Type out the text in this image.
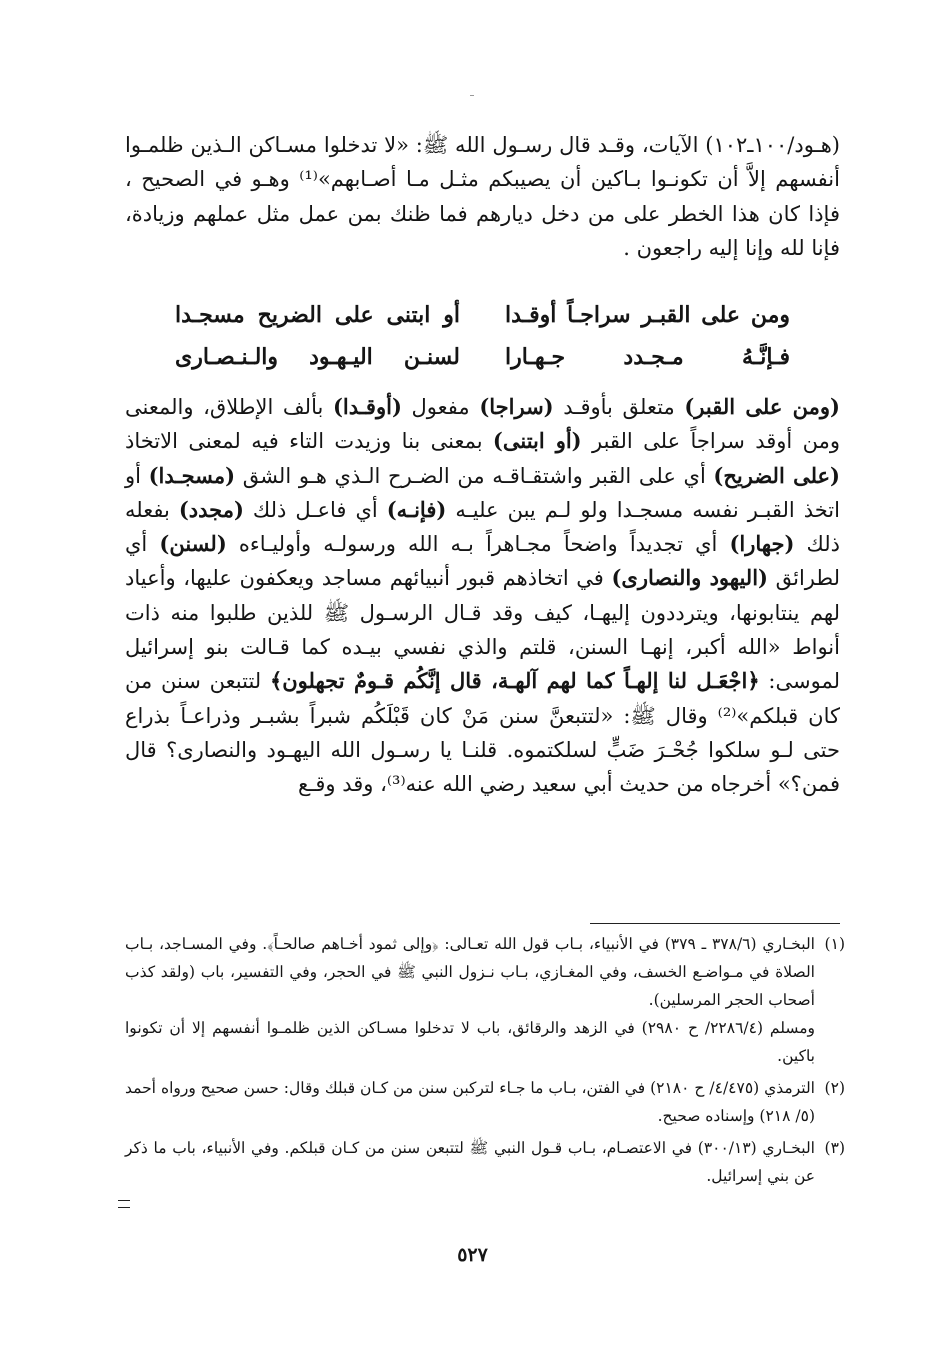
(هـود/١٠٠ـ١٠٢) الآيات، وقـد قال رسـول الله ﷺ: «لا تدخلوا مسـاكن الـذين ظلمـوا أنفسهم إلاَّ أن تكونـوا بـاكين أن يصيبكم مثـل مـا أصـابهم»⁽¹⁾ وهـو في الصحيح ، فإذا كان هذا الخطر على من دخل ديارهم فما ظنك بمن عمل مثل عملهم وزيادة، فإنا لله وإنا إليه راجعون .

ومن على القبـر سراجـاً أوقـدا
أو ابتنى على الضريح مسجـدا
فـإنَّـهُ مـجـدد جـهـارا
لسنـن اليـهـود والـنـصـارى

(ومن على القبر) متعلق بأوقـد (سراجا) مفعول (أوقـدا) بألف الإطلاق، والمعنى ومن أوقد سراجاً على القبر (أو ابتنى) بمعنى بنا وزيدت التاء فيه لمعنى الاتخاذ (على الضريح) أي على القبر واشتقـاقـه من الضـرح الـذي هـو الشق (مسجـدا) أو اتخذ القبـر نفسه مسجـدا ولو لـم يبن عليـه (فإنـه) أي فاعـل ذلك (مجدد) بفعله ذلك (جهارا) أي تجديداً واضحاً مجـاهراً بـه الله ورسولـه وأوليـاءه (لسنن) أي لطرائق (اليهود والنصارى) في اتخاذهم قبور أنبيائهم مساجد ويعكفون عليها، وأعياد لهم ينتابونها، ويترددون إليهـا، كيف وقد قـال الرسـول ﷺ للذين طلبوا منه ذات أنواط «الله أكبر، إنهـا السنن، قلتم والذي نفسي بيـده كما قـالت بنو إسرائيل لموسى: ﴿اجْعَـل لنا إلهـاً كما لهم آلهـة، قال إنَّكُم قـومٌ تجهلون﴾ لتتبعن سنن من كان قبلكم»⁽²⁾ وقال ﷺ: «لتتبعنَّ سنن مَنْ كان قَبْلَكُم شبراً بشبـر وذراعـاً بذراع حتى لـو سلكوا جُحْـرَ ضَبٍّ لسلكتموه. قلنـا يا رسـول الله اليهـود والنصارى؟ قال فمن؟» أخرجاه من حديث أبي سعيد رضي الله عنه⁽³⁾، وقد وقـع

(١)

البخـاري (٣٧٨/٦ ـ ٣٧٩) في الأنبياء، بـاب قول الله تعـالى: ﴿وإلى ثمود أخـاهم صالحـاً﴾. وفي المسـاجد، بـاب الصلاة في مـواضـع الخسف، وفي المغـازي، بـاب نـزول النبي ﷺ في الحجر، وفي التفسير، باب (ولقد كذب أصحاب الحجر المرسلين).

ومسلم (٢٢٨٦/٤/ ح ٢٩٨٠) في الزهد والرقائق، باب لا تدخلوا مسـاكن الذين ظلمـوا أنفسهم إلا أن تكونوا باكين.

(٢)

الترمذي (٤/٤٧٥/ ح ٢١٨٠) في الفتن، بـاب ما جـاء لتركبن سنن من كـان قبلك وقال: حسن صحيح ورواه أحمد (٥/ ٢١٨) وإسناده صحيح.

(٣)

البخـاري (٣٠٠/١٣) في الاعتصـام، بـاب قـول النبي ﷺ لتتبعن سنن من كـان قبلكم. وفي الأنبياء، باب ما ذكر عن بني إسرائيل.

٥٢٧
